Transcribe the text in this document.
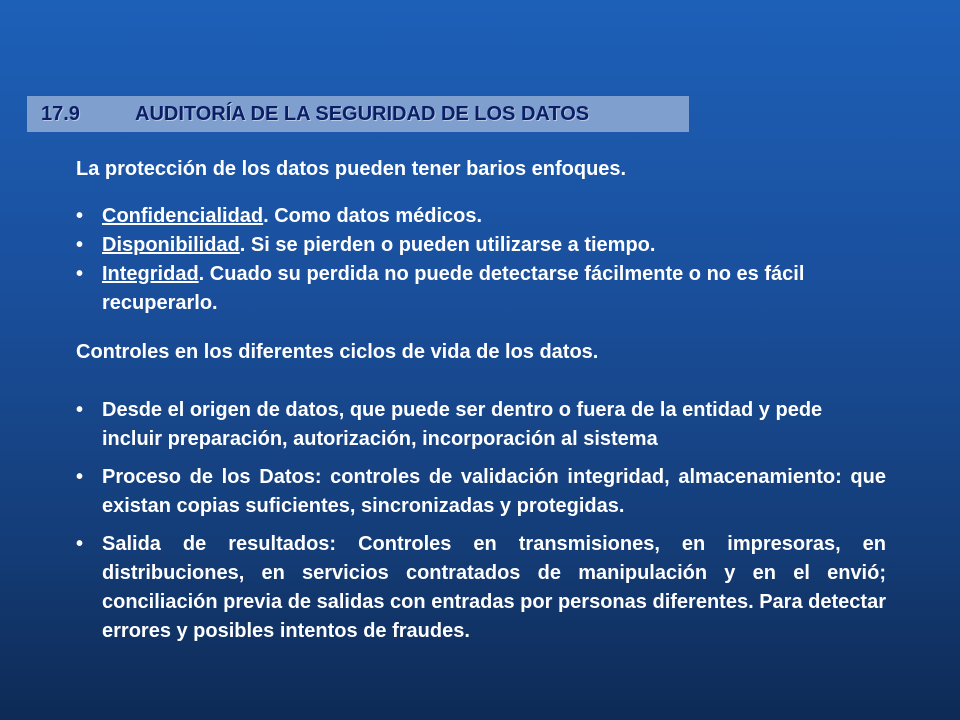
17.9	AUDITORÍA DE LA SEGURIDAD DE LOS DATOS
La protección de los datos pueden tener barios enfoques.
• Confidencialidad. Como datos médicos.
• Disponibilidad. Si se pierden o pueden utilizarse a tiempo.
• Integridad. Cuado su perdida no puede detectarse fácilmente o no es fácil recuperarlo.
Controles en los diferentes ciclos de vida de los datos.
• Desde el origen de datos, que puede ser dentro o fuera de la entidad y pede incluir preparación, autorización, incorporación al sistema
• Proceso de los Datos: controles de validación integridad, almacenamiento: que existan copias suficientes, sincronizadas y protegidas.
• Salida de resultados: Controles en transmisiones, en impresoras, en distribuciones, en servicios contratados de manipulación y en el envió; conciliación previa de salidas con entradas por personas diferentes. Para detectar errores y posibles intentos de fraudes.
